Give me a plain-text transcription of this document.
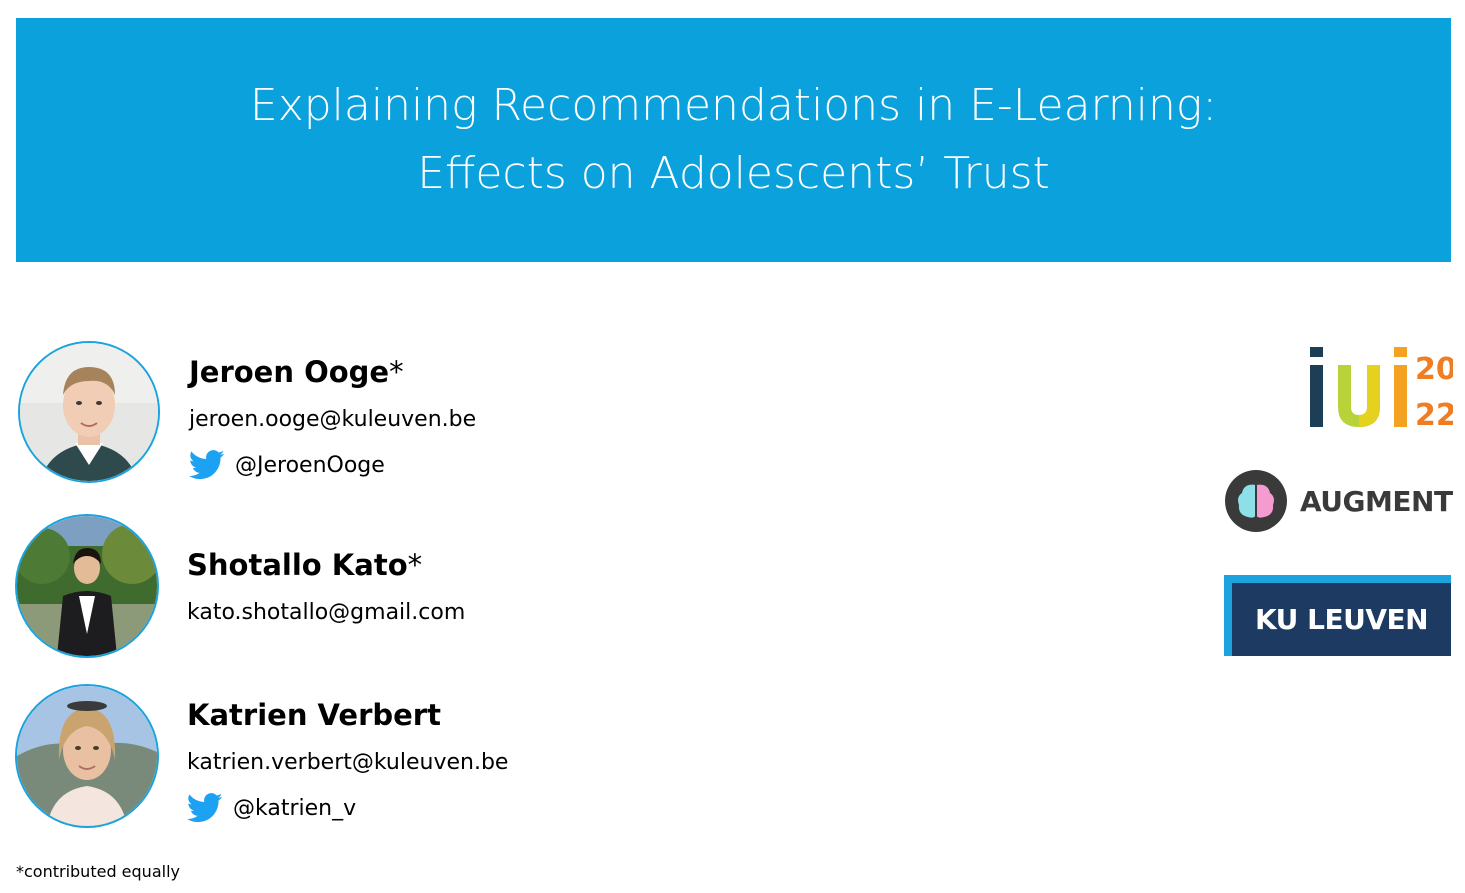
Explaining Recommendations in E-Learning:
Effects on Adolescents’ Trust
Jeroen Ooge*
jeroen.ooge@kuleuven.be
@JeroenOoge
Shotallo Kato*
kato.shotallo@gmail.com
Katrien Verbert
katrien.verbert@kuleuven.be
@katrien_v
*contributed equally
20
22
AUGMENT
KU LEUVEN
